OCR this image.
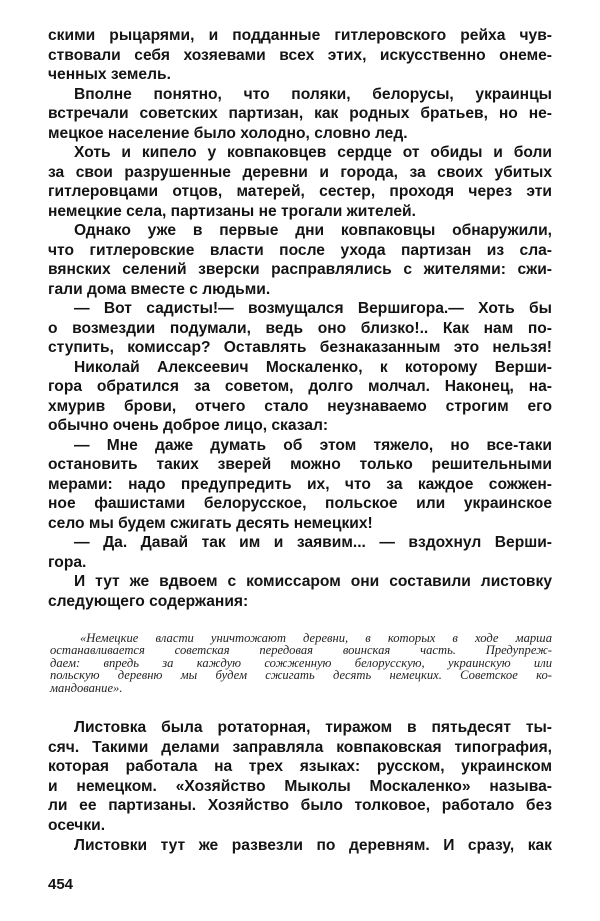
454
скими рыцарями, и подданные гитлеровского рейха чув-
ствовали себя хозяевами всех этих, искусственно онеме-
ченных земель.
Вполне понятно, что поляки, белорусы, украинцы
встречали советских партизан, как родных братьев, но не-
мецкое население было холодно, словно лед.
Хоть и кипело у ковпаковцев сердце от обиды и боли
за свои разрушенные деревни и города, за своих убитых
гитлеровцами отцов, матерей, сестер, проходя через эти
немецкие села, партизаны не трогали жителей.
Однако уже в первые дни ковпаковцы обнаружили,
что гитлеровские власти после ухода партизан из сла-
вянских селений зверски расправлялись с жителями: сжи-
гали дома вместе с людьми.
— Вот садисты!— возмущался Вершигора.— Хоть бы
о возмездии подумали, ведь оно близко!.. Как нам по-
ступить, комиссар? Оставлять безнаказанным это нельзя!
Николай Алексеевич Москаленко, к которому Верши-
гора обратился за советом, долго молчал. Наконец, на-
хмурив брови, отчего стало неузнаваемо строгим его
обычно очень доброе лицо, сказал:
— Мне даже думать об этом тяжело, но все-таки
остановить таких зверей можно только решительными
мерами: надо предупредить их, что за каждое сожжен-
ное фашистами белорусское, польское или украинское
село мы будем сжигать десять немецких!
— Да. Давай так им и заявим... — вздохнул Верши-
гора.
И тут же вдвоем с комиссаром они составили листовку
следующего содержания:
«Немецкие власти уничтожают деревни, в которых в ходе марша
останавливается советская передовая воинская часть. Предупреж-
даем: впредь за каждую сожженную белорусскую, украинскую или
польскую деревню мы будем сжигать десять немецких. Советское ко-
мандование».
Листовка была ротаторная, тиражом в пятьдесят ты-
сяч. Такими делами заправляла ковпаковская типография,
которая работала на трех языках: русском, украинском
и немецком. «Хозяйство Мыколы Москаленко» называ-
ли ее партизаны. Хозяйство было толковое, работало без
осечки.
Листовки тут же развезли по деревням. И сразу, как
